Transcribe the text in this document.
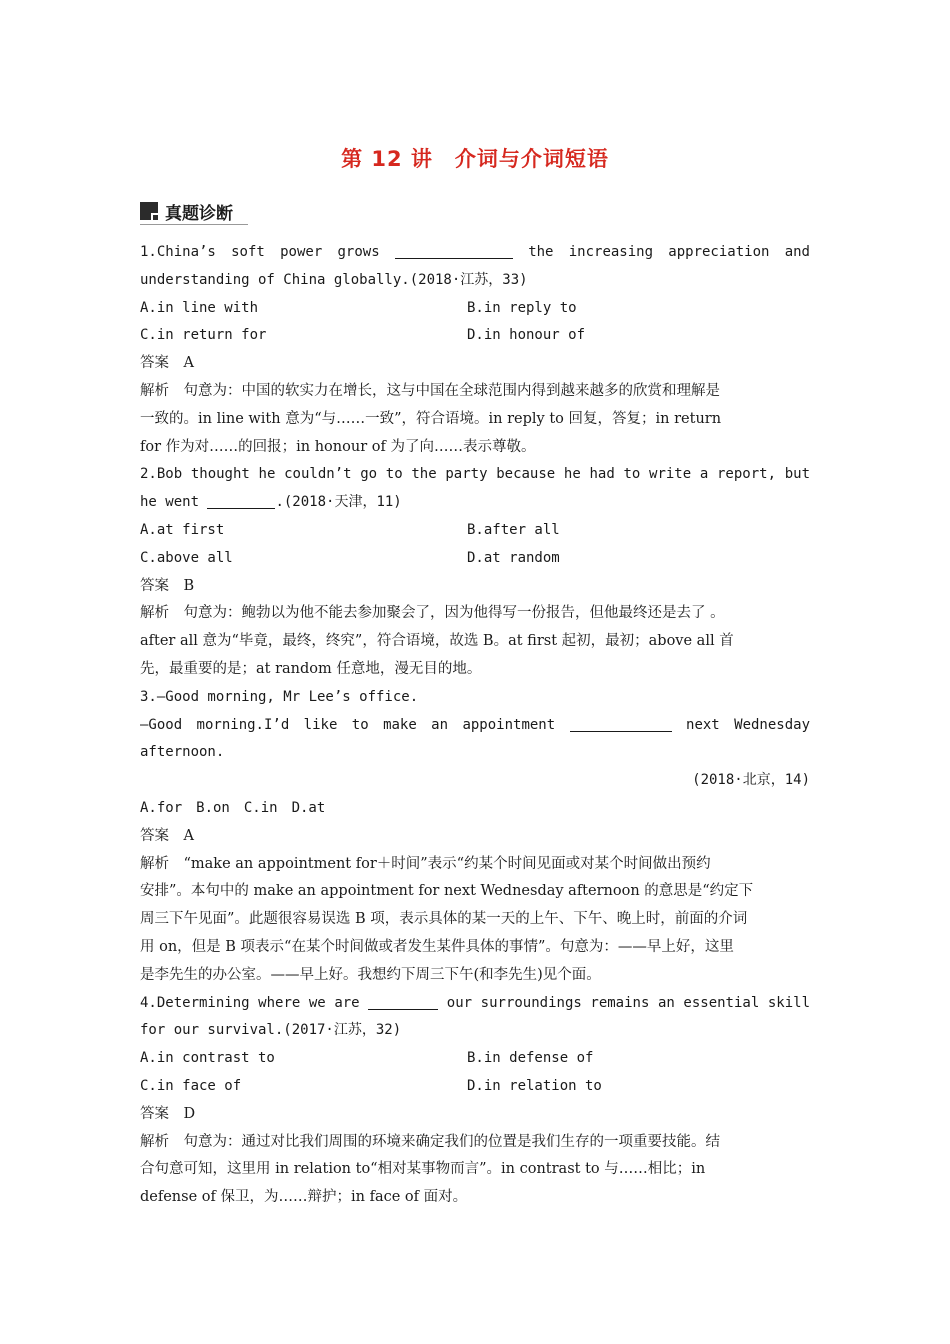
第 12 讲　介词与介词短语
真题诊断
1.China’s soft power grows	the increasing appreciation and
understanding of China globally.(2018·江苏，33)
A.in line with	B.in reply to
C.in return for	D.in honour of
答案　A
解析　句意为：中国的软实力在增长，这与中国在全球范围内得到越来越多的欣赏和理解是
一致的。in line with 意为“与……一致”，符合语境。in reply to 回复，答复；in return
for 作为对……的回报；in honour of 为了向……表示尊敬。
2.Bob thought he couldn’t go to the party because he had to write a report, but
he went	.(2018·天津，11)
A.at first	B.after all
C.above all	D.at random
答案　B
解析　句意为：鲍勃以为他不能去参加聚会了，因为他得写一份报告，但他最终还是去了 。
after all 意为“毕竟，最终，终究”，符合语境，故选 B。at first 起初，最初；above all 首
先，最重要的是；at random 任意地，漫无目的地。
3.—Good morning, Mr Lee’s office.
—Good morning.I’d like to make an appointment	next Wednesday
afternoon.
(2018·北京，14)
A.for　B.on　C.in　D.at
答案　A
解析　“make an appointment for＋时间”表示“约某个时间见面或对某个时间做出预约
安排”。本句中的 make an appointment for next Wednesday afternoon 的意思是“约定下
周三下午见面”。此题很容易误选 B 项，表示具体的某一天的上午、下午、晚上时，前面的介词
用 on，但是 B 项表示“在某个时间做或者发生某件具体的事情”。句意为：——早上好，这里
是李先生的办公室。——早上好。我想约下周三下午(和李先生)见个面。
4.Determining where we are	our surroundings remains an essential skill
for our survival.(2017·江苏，32)
A.in contrast to	B.in defense of
C.in face of	D.in relation to
答案　D
解析　句意为：通过对比我们周围的环境来确定我们的位置是我们生存的一项重要技能。结
合句意可知，这里用 in relation to“相对某事物而言”。in contrast to 与……相比；in
defense of 保卫，为……辩护；in face of 面对。
